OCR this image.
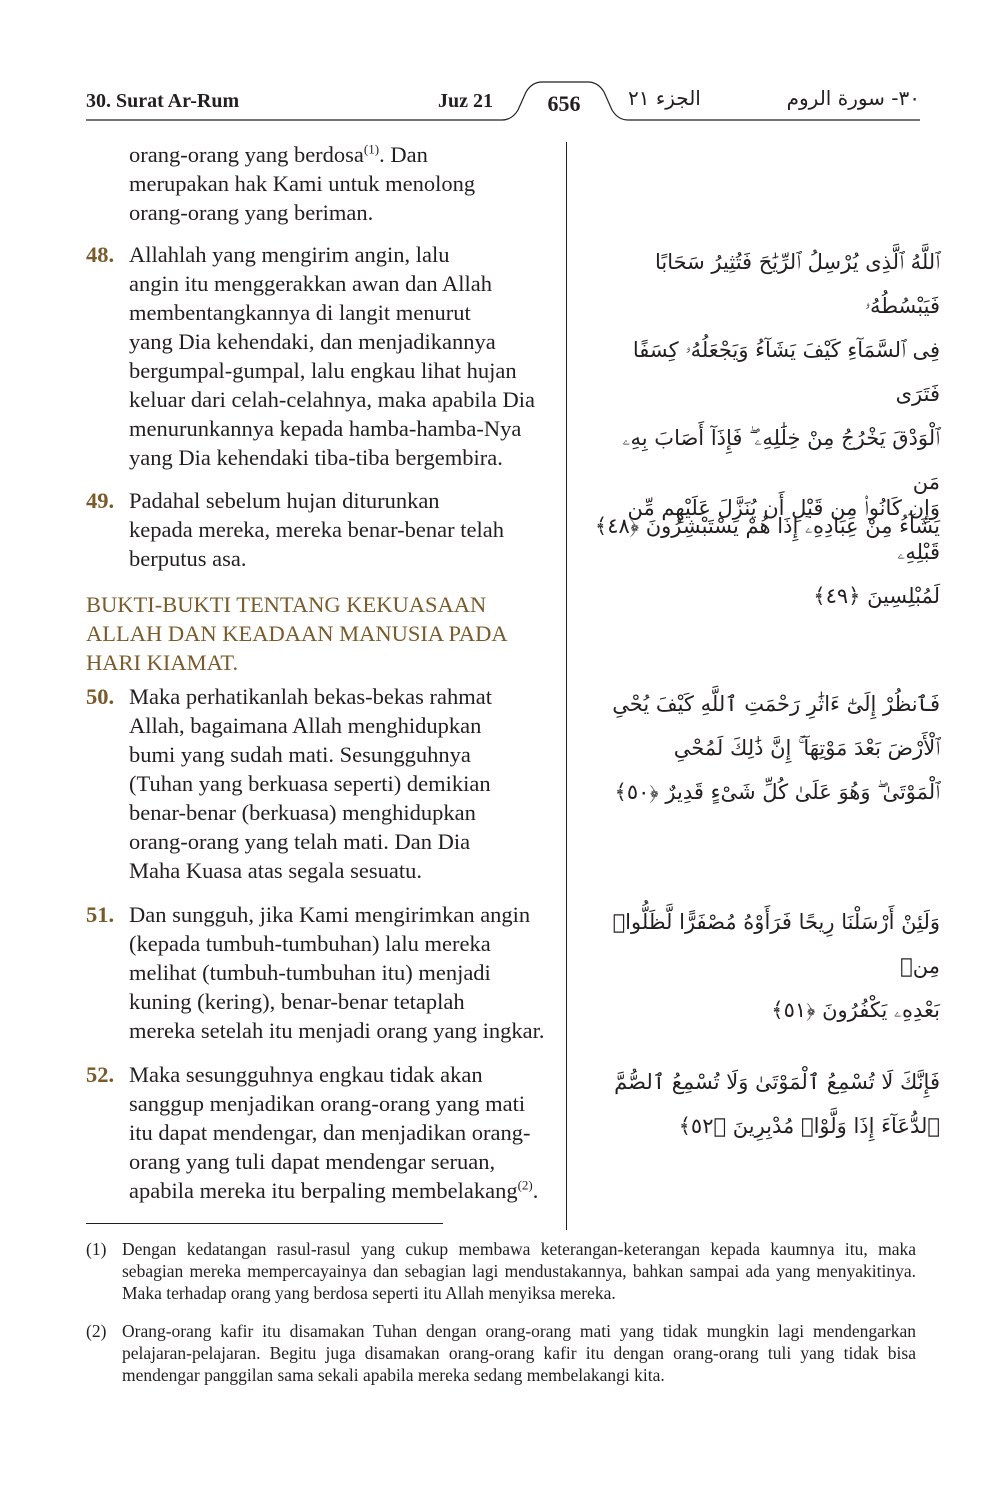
30. Surat Ar-Rum	Juz 21	656	الجزء ٢١	٣٠- سورة الروم
orang-orang yang berdosa$^{(1)}$. Dan
merupakan hak Kami untuk menolong
orang-orang yang beriman.
48. Allahlah yang mengirim angin, lalu
angin itu menggerakkan awan dan Allah
membentangkannya di langit menurut
yang Dia kehendaki, dan menjadikannya
bergumpal-gumpal, lalu engkau lihat hujan
keluar dari celah-celahnya, maka apabila Dia
menurunkannya kepada hamba-hamba-Nya
yang Dia kehendaki tiba-tiba bergembira.
ٱللَّهُ ٱلَّذِى يُرْسِلُ ٱلرِّيَٰحَ فَتُثِيرُ سَحَابًا فَيَبْسُطُهُۥ
فِى ٱلسَّمَآءِ كَيْفَ يَشَآءُ وَيَجْعَلُهُۥ كِسَفًا فَتَرَى
ٱلْوَدْقَ يَخْرُجُ مِنْ خِلَٰلِهِۦ ۖ فَإِذَآ أَصَابَ بِهِۦ مَن
يَشَآءُ مِنْ عِبَادِهِۦٓ إِذَا هُمْ يَسْتَبْشِرُونَ ﴿٤٨﴾
49. Padahal sebelum hujan diturunkan
kepada mereka, mereka benar-benar telah
berputus asa.
وَإِن كَانُوا۟ مِن قَبْلِ أَن يُنَزَّلَ عَلَيْهِم مِّن قَبْلِهِۦ
لَمُبْلِسِينَ ﴿٤٩﴾
BUKTI-BUKTI TENTANG KEKUASAAN
ALLAH DAN KEADAAN MANUSIA PADA
HARI KIAMAT.
50. Maka perhatikanlah bekas-bekas rahmat
Allah, bagaimana Allah menghidupkan
bumi yang sudah mati. Sesungguhnya
(Tuhan yang berkuasa seperti) demikian
benar-benar (berkuasa) menghidupkan
orang-orang yang telah mati. Dan Dia
Maha Kuasa atas segala sesuatu.
فَٱنظُرْ إِلَىٰٓ ءَاثَٰرِ رَحْمَتِ ٱللَّهِ كَيْفَ يُحْىِ
ٱلْأَرْضَ بَعْدَ مَوْتِهَآ ۚ إِنَّ ذَٰلِكَ لَمُحْىِ
ٱلْمَوْتَىٰ ۖ وَهُوَ عَلَىٰ كُلِّ شَىْءٍ قَدِيرٌ ﴿٥٠﴾
51. Dan sungguh, jika Kami mengirimkan angin
(kepada tumbuh-tumbuhan) lalu mereka
melihat (tumbuh-tumbuhan itu) menjadi
kuning (kering), benar-benar tetaplah
mereka setelah itu menjadi orang yang ingkar.
وَلَئِنْ أَرْسَلْنَا رِيحًا فَرَأَوْهُ مُصْفَرًّا لَّظَلُّوا۟ مِنۢ
بَعْدِهِۦ يَكْفُرُونَ ﴿٥١﴾
52. Maka sesungguhnya engkau tidak akan
sanggup menjadikan orang-orang yang mati
itu dapat mendengar, dan menjadikan orang-
orang yang tuli dapat mendengar seruan,
apabila mereka itu berpaling membelakang$^{(2)}$.
فَإِنَّكَ لَا تُسْمِعُ ٱلْمَوْتَىٰ وَلَا تُسْمِعُ ٱلصُّمَّ
ٱلدُّعَآءَ إِذَا وَلَّوْا۟ مُدْبِرِينَ ﴿٥٢﴾
(1) Dengan kedatangan rasul-rasul yang cukup membawa keterangan-keterangan kepada kaumnya itu, maka sebagian mereka mempercayainya dan sebagian lagi mendustakannya, bahkan sampai ada yang menyakitinya. Maka terhadap orang yang berdosa seperti itu Allah menyiksa mereka.
(2) Orang-orang kafir itu disamakan Tuhan dengan orang-orang mati yang tidak mungkin lagi mendengarkan pelajaran-pelajaran. Begitu juga disamakan orang-orang kafir itu dengan orang-orang tuli yang tidak bisa mendengar panggilan sama sekali apabila mereka sedang membelakangi kita.
